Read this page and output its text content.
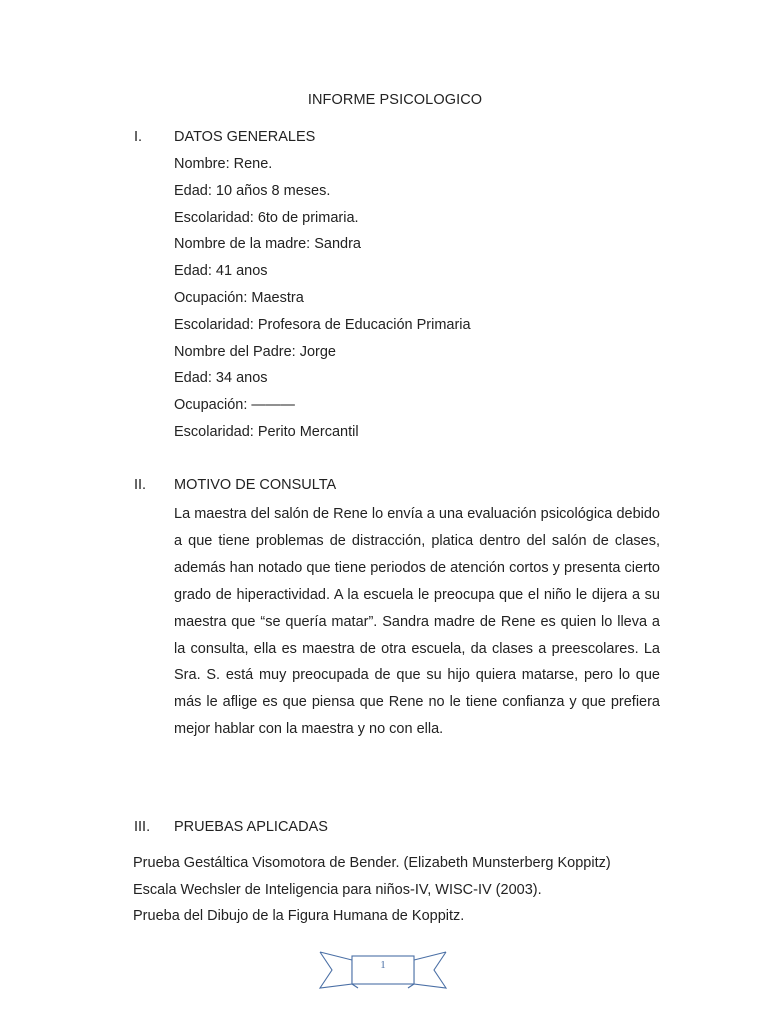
INFORME PSICOLOGICO
I.	DATOS GENERALES
Nombre: Rene.
Edad: 10 años 8 meses.
Escolaridad: 6to de primaria.
Nombre de la madre: Sandra
Edad: 41 anos
Ocupación: Maestra
Escolaridad: Profesora de Educación Primaria
Nombre del Padre: Jorge
Edad: 34 anos
Ocupación: ———
Escolaridad: Perito Mercantil
II.	MOTIVO DE CONSULTA

La maestra del salón de Rene lo envía a una evaluación psicológica debido a que tiene problemas de distracción, platica dentro del salón de clases, además han notado que tiene periodos de atención cortos y presenta cierto grado de hiperactividad. A la escuela le preocupa que el niño le dijera a su maestra que “se quería matar”. Sandra madre de Rene es quien lo lleva a la consulta, ella es maestra de otra escuela, da clases a preescolares. La Sra. S. está muy preocupada de que su hijo quiera matarse, pero lo que más le aflige es que piensa que Rene no le tiene confianza y que prefiera mejor hablar con la maestra y no con ella.

III.	PRUEBAS APLICADAS
Prueba Gestáltica Visomotora de Bender. (Elizabeth Munsterberg Koppitz)
Escala Wechsler de Inteligencia para niños-IV, WISC-IV (2003).
Prueba del Dibujo de la Figura Humana de Koppitz.
1
